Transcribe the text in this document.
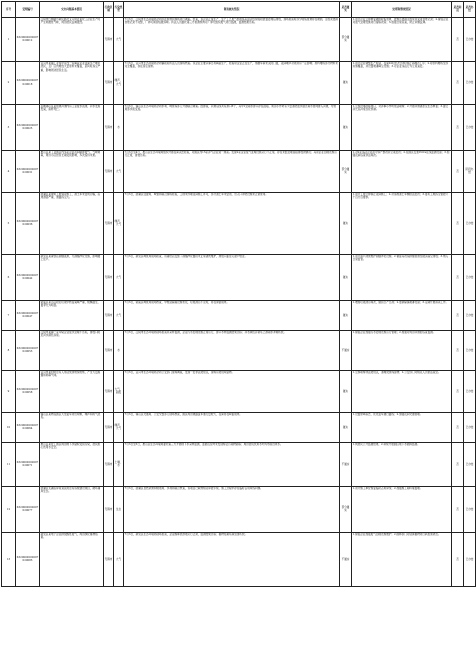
序号	受理编号	交办问题基本情况	行政区域	污染类型	调查核实情况	是否属实	处理和整改情况	是否问责	是否办结
1	X320000202007020012	江阴市红旗路与新民路交叉口附近某化工企业生产时产生刺激性气味，周边居民反映强烈。	无锡市	大气	7月3日，江阴市生态环境局会同所在街道到现场进行调查。经查，该企业正常生产，生产工艺废气经收集后由活性炭吸附装置处理后排放，现场检查时部分收集管道存在破损，活性炭更换台账记录不完整，厂界可闻到轻微异味。执法人员委托第三方检测机构对厂界无组织废气进行监测，监测结果达标。	部分属实	1.责令企业立即修复破损收集管道，按规范更换活性炭并完善台账记录；2.督促企业对废气处理设施进行提标改造；3.加强日常巡查，防止问题反弹。	否	已办结
2	X320000202007020018	宜兴市某镇工业集中区内一家陶瓷企业夜间生产噪声扰民，且厂区内堆放大量原料未覆盖，起风时扬尘严重，影响周边居民生活。	无锡市	噪声、大气	7月3日，宜兴市生态环境局会同镇政府执法人员现场核查。该企业主要从事日用陶瓷生产，检查时企业正在生产，球磨车间未关闭门窗，夜间噪声对周边有一定影响；原料堆场部分物料未完全覆盖，存在扬尘现象。	属实	1.责令企业调整生产时间，夜间22时至次日6时停止高噪声工序；2.对原料堆场全部实施覆盖，并设置喷淋降尘设施；3.对企业违法行为立案查处。	否	已办结
3	X320000202007020025	反映锡山区某街道河道内有工业废水直排，河水发黑发臭，鱼虾死亡。	无锡市	水	7月3日，锡山区生态环境局会同水利、城管等部门开展联合调查。经排查，河道沿线共有排口6个，其中1处雨水排口存在混接，周边小作坊有少量清洗废水通过雨水管网排入河道，导致局部水质变差。	属实	1.立即封堵混接排口，对涉事小作坊依法取缔；2.开展河道清淤及生态修复；3.建立河长巡河常态化机制。	否	已办结
4	X320000202007020031	惠山区某工业园区内多家企业夜间偷排废气，气味刺鼻，周边小区居民长期受到影响，多次投诉未果。	无锡市	大气	7月3日至4日，惠山区生态环境局组织开展夜间突击检查，对园区内15家涉气企业逐一排查。发现2家企业废气处理设施运行不正常，存在未经处理直接排放的情况；其余企业治理设施运行正常，排放达标。	部分属实	1.对2家违法企业责令停产整改并立案处罚；2.在园区安装VOCs在线监测设备；3.加强夜间巡查执法频次。	否	阶段办结
5	X320000202007020036	滨湖区某建筑工地昼夜施工，渣土车未密闭运输，沿途洒落严重，道路扬尘大。	无锡市	噪声、大气	7月3日，滨湖区住建局、城管局联合现场检查，工地未办理夜间施工许可，部分渣土车未密闭，出入口冲洗设施未正常使用。	属实	1.责令工地立即停止夜间施工；2.对违规渣土车辆依法处罚；3.落实工地扬尘管控六个百分百要求。	否	已办结
6	X320000202007020042	新吴区某餐饮店油烟直排，无油烟净化设施，影响楼上住户。	无锡市	大气	7月3日，新吴区城管局现场检查，该餐饮店安装了油烟净化器但未正常清洗维护，排放口距住宅窗户较近。	属实	1.责令商户清洗维护油烟净化设施；2.督促其改造排烟管道至楼顶高空排放；3.纳入日常监管。	否	已办结
7	X320000202007020047	梁溪区某小区附近垃圾中转站臭味严重，蚊蝇滋生，夏季尤为明显。	无锡市	大气	7月3日，梁溪区城管局现场核查，中转站除臭设施老化，垃圾清运不及时，存在滞留现象。	属实	1.增加垃圾清运频次，做到日产日清；2.更新除臭喷淋设备；3.定期开展消杀工作。	否	已办结
8	X320000202007020053	江阴市某镇一家印染企业废水处理不达标，排放口附近河水颜色异常。	无锡市	水	7月3日，江阴市生态环境局现场检查并采样监测，企业污水处理设施正常运行，排口水样监测结果达标；河水颜色异常系上游雨水冲刷所致。	不属实	1.督促企业加强污水处理设施运行管理；2.加强对周边河道的巡查监测。	否	已办结
9	X320000202007020058	宜兴市某村附近有人非法焚烧电线电缆，产生大量黑烟和刺鼻气味。	无锡市	大气、固废	7月3日，宜兴市生态环境局会同公安部门现场调查，发现一处非法焚烧点，现场有焚烧残留物。	属实	1.立即取缔非法焚烧点，清理焚烧残留物；2.公安部门对相关人员依法查处。	否	已办结
10	X320000202007020064	锡山区某物流园区大型货车进出频繁，噪声和尾气扰民。	无锡市	噪声、大气	7月3日，锡山区交通局、公安交警部门现场核查，园区周边道路货车通行量较大，夜间存在鸣笛现象。	属实	1.设置禁鸣标志，优化货车通行路线；2.加强夜间交通管理。	否	已办结
11	X320000202007020071	惠山区某化工园区周边地下水疑似受到污染，居民担心饮用水安全。	无锡市	土壤、水	7月3日至5日，惠山区生态环境局委托第三方开展地下水采样监测，监测点位均未发现特征污染物超标；周边居民饮用水均为市政自来水。	不属实	1.向居民公开监测结果；2.持续开展园区地下水跟踪监测。	否	已办结
12	X320000202007020077	滨湖区太湖沿岸某景区附近有违规建设项目，破坏湖岸生态。	无锡市	生态	7月3日，滨湖区自然资源和规划局、水利局联合核查，该项目已取得相关审批手续，施工过程中存在临时占用岸线问题。	部分属实	1.责令施工单位恢复临时占用岸线；2.加强施工期环境监理。	否	已办结
13	X320000202007020083	新吴区某电子企业排放酸性废气，周边绿化植物枯黄。	无锡市	大气	7月3日，新吴区生态环境局现场检查，企业酸雾洗涤塔运行正常，监测结果达标；植物枯黄系病虫害所致。	不属实	1.督促企业加强废气治理设施维护；2.园林部门对枯黄植物进行病虫害防治。	否	已办结
